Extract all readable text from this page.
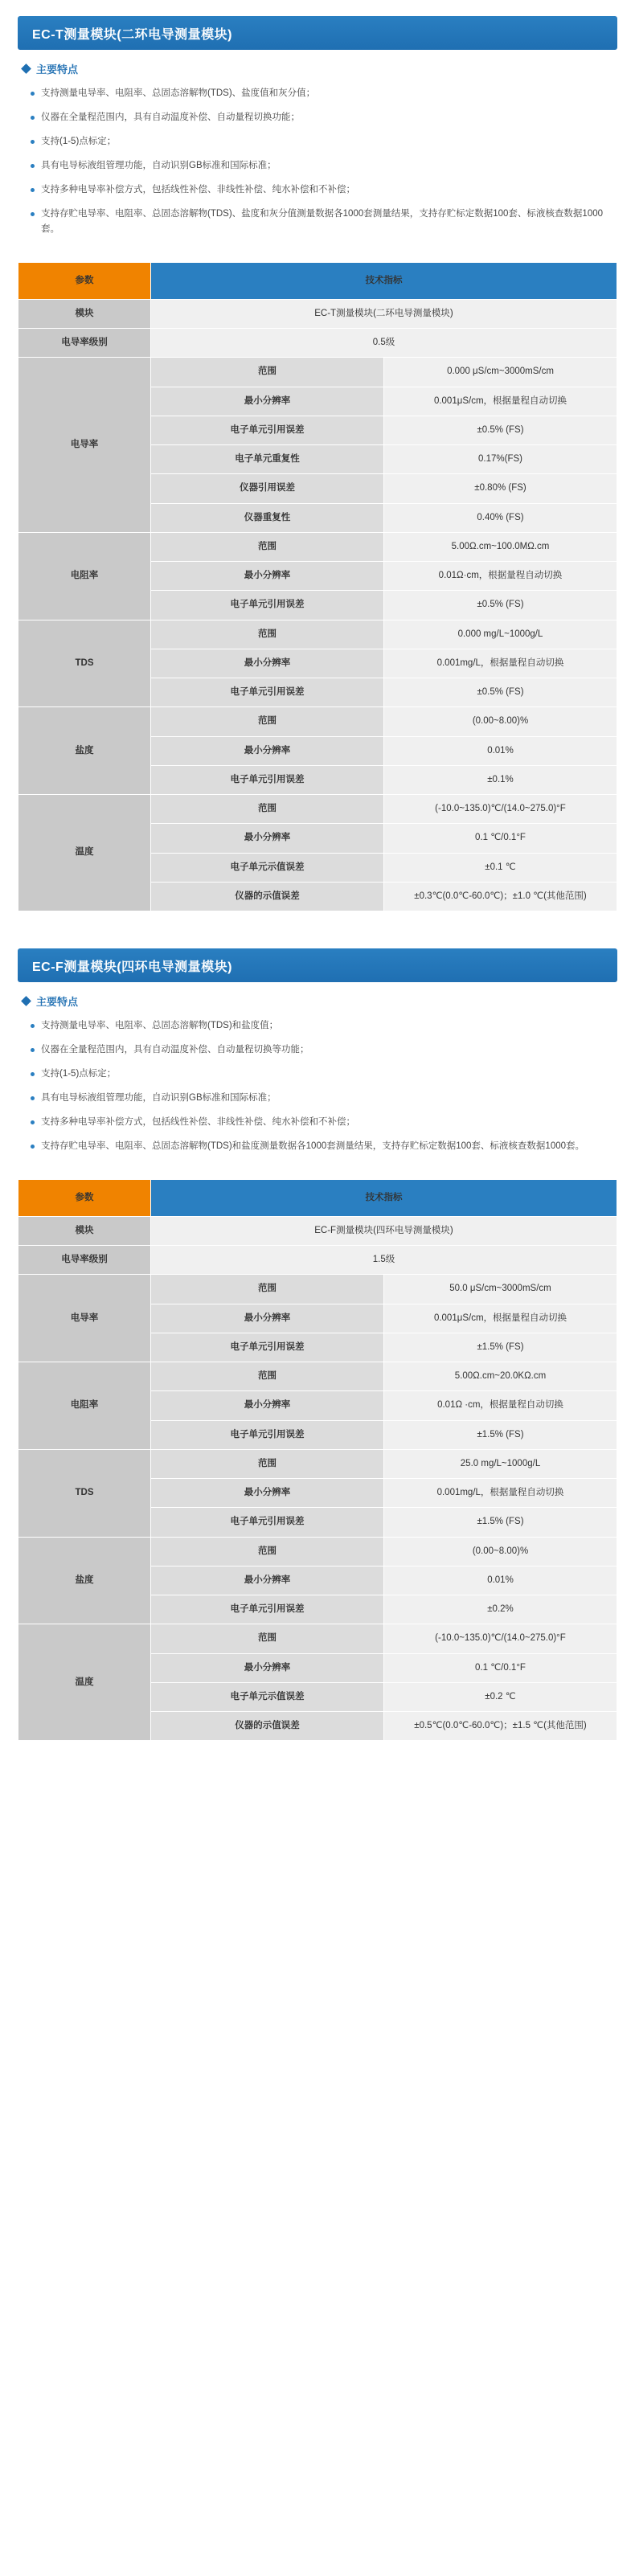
EC-T测量模块(二环电导测量模块)
主要特点
支持测量电导率、电阻率、总固态溶解物(TDS)、盐度值和灰分值；
仪器在全量程范围内，具有自动温度补偿、自动量程切换功能；
支持(1-5)点标定；
具有电导标液组管理功能，自动识别GB标准和国际标准；
支持多种电导率补偿方式，包括线性补偿、非线性补偿、纯水补偿和不补偿；
支持存贮电导率、电阻率、总固态溶解物(TDS)、盐度和灰分值测量数据各1000套测量结果，支持存贮标定数据100套、标液核查数据1000套。
参数	技术指标	
模块	EC-T测量模块(二环电导测量模块)	
电导率级别	0.5级	
电导率	范围	0.000 μS/cm~3000mS/cm
	最小分辨率	0.001μS/cm，根据量程自动切换
	电子单元引用误差	±0.5% (FS)
	电子单元重复性	0.17%(FS)
	仪器引用误差	±0.80% (FS)
	仪器重复性	0.40% (FS)
电阻率	范围	5.00Ω.cm~100.0MΩ.cm
	最小分辨率	0.01Ω·cm，根据量程自动切换
	电子单元引用误差	±0.5% (FS)
TDS	范围	0.000 mg/L~1000g/L
	最小分辨率	0.001mg/L，根据量程自动切换
	电子单元引用误差	±0.5% (FS)
盐度	范围	(0.00~8.00)%
	最小分辨率	0.01%
	电子单元引用误差	±0.1%
温度	范围	(-10.0~135.0)℃/(14.0~275.0)°F
	最小分辨率	0.1 ℃/0.1°F
	电子单元示值误差	±0.1 ℃
	仪器的示值误差	±0.3℃(0.0℃-60.0℃)；±1.0 ℃(其他范围)
EC-F测量模块(四环电导测量模块)
主要特点
支持测量电导率、电阻率、总固态溶解物(TDS)和盐度值；
仪器在全量程范围内，具有自动温度补偿、自动量程切换等功能；
支持(1-5)点标定；
具有电导标液组管理功能，自动识别GB标准和国际标准；
支持多种电导率补偿方式，包括线性补偿、非线性补偿、纯水补偿和不补偿；
支持存贮电导率、电阻率、总固态溶解物(TDS)和盐度测量数据各1000套测量结果，支持存贮标定数据100套、标液核查数据1000套。
参数	技术指标	
模块	EC-F测量模块(四环电导测量模块)	
电导率级别	1.5级	
电导率	范围	50.0 μS/cm~3000mS/cm
	最小分辨率	0.001μS/cm，根据量程自动切换
	电子单元引用误差	±1.5% (FS)
电阻率	范围	5.00Ω.cm~20.0KΩ.cm
	最小分辨率	0.01Ω ·cm，根据量程自动切换
	电子单元引用误差	±1.5% (FS)
TDS	范围	25.0 mg/L~1000g/L
	最小分辨率	0.001mg/L，根据量程自动切换
	电子单元引用误差	±1.5% (FS)
盐度	范围	(0.00~8.00)%
	最小分辨率	0.01%
	电子单元引用误差	±0.2%
温度	范围	(-10.0~135.0)℃/(14.0~275.0)°F
	最小分辨率	0.1 ℃/0.1°F
	电子单元示值误差	±0.2 ℃
	仪器的示值误差	±0.5℃(0.0℃-60.0℃)；±1.5 ℃(其他范围)
